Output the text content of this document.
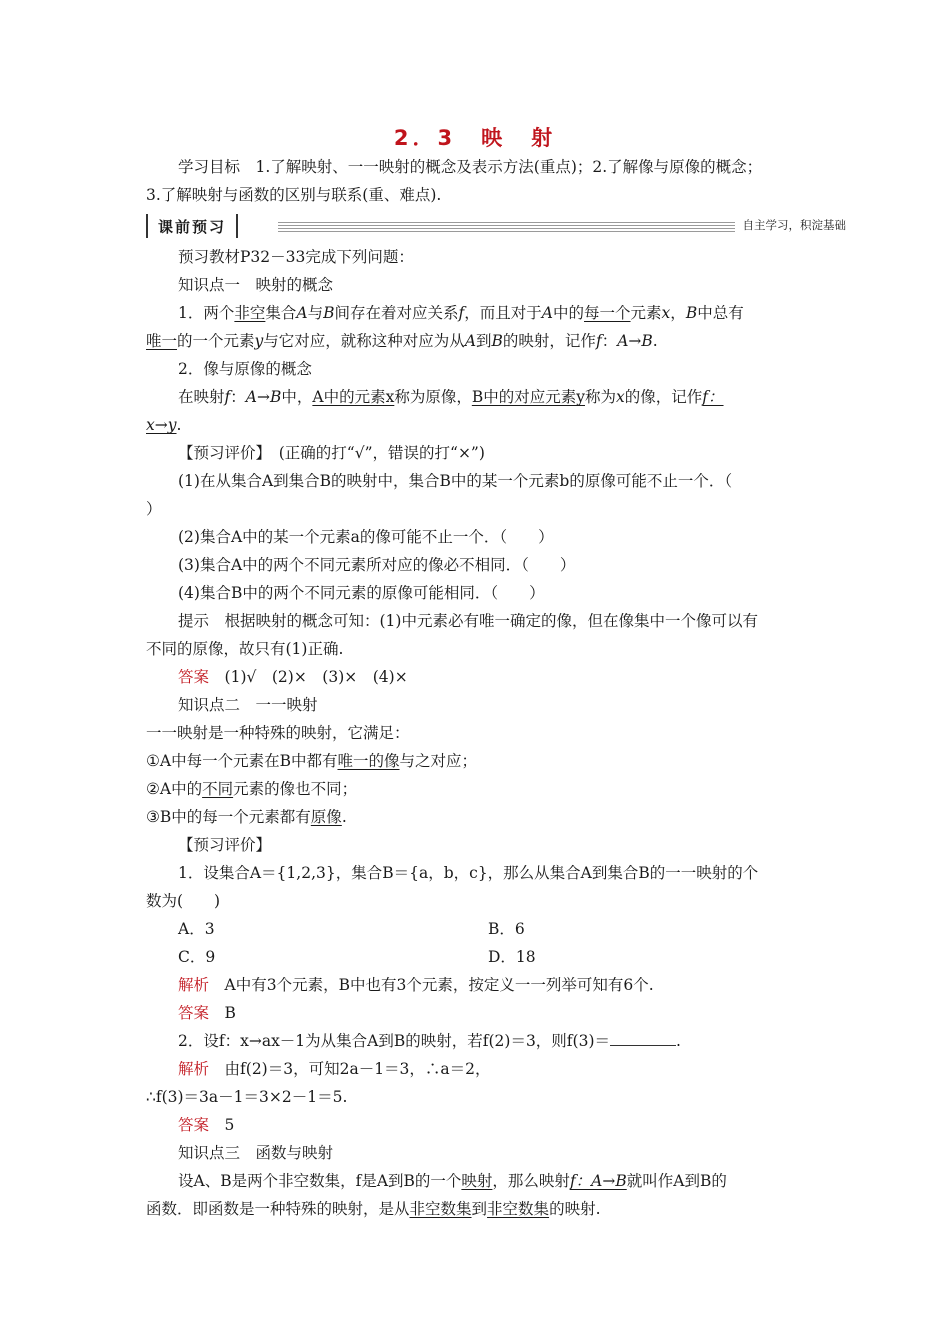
2．3　映　射
学习目标　1.了解映射、一一映射的概念及表示方法(重点)；2.了解像与原像的概念；
3.了解映射与函数的区别与联系(重、难点).
课前预习	自主学习，积淀基础
预习教材P32－33完成下列问题：
知识点一　映射的概念
1．两个非空集合A与B间存在着对应关系f，而且对于A中的每一个元素x，B中总有
唯一的一个元素y与它对应，就称这种对应为从A到B的映射，记作f：A→B.
2．像与原像的概念
在映射f：A→B中，A中的元素x称为原像，B中的对应元素y称为x的像，记作f：
x→y.
【预习评价】　(正确的打“√”，错误的打“×”)
(1)在从集合A到集合B的映射中，集合B中的某一个元素b的原像可能不止一个．（
）
(2)集合A中的某一个元素a的像可能不止一个．（　　）
(3)集合A中的两个不同元素所对应的像必不相同．（　　）
(4)集合B中的两个不同元素的原像可能相同．（　　）
提示　根据映射的概念可知：(1)中元素必有唯一确定的像，但在像集中一个像可以有
不同的原像，故只有(1)正确.
答案　 (1)√　(2)×　(3)×　(4)×
知识点二　一一映射
一一映射是一种特殊的映射，它满足：
①A中每一个元素在B中都有唯一的像与之对应；
②A中的不同元素的像也不同；
③B中的每一个元素都有原像.
【预习评价】
1．设集合A＝{1,2,3}，集合B＝{a，b，c}，那么从集合A到集合B的一一映射的个
数为(　　)
A．3	B．6
C．9	D．18
解析　 A中有3个元素，B中也有3个元素，按定义一一列举可知有6个.
答案　 B
2．设f：x→ax－1为从集合A到B的映射，若f(2)＝3，则f(3)＝	.
解析　 由f(2)＝3，可知2a－1＝3，∴a＝2，
∴f(3)＝3a－1＝3×2－1＝5.
答案　 5
知识点三　函数与映射
设A、B是两个非空数集，f是A到B的一个映射，那么映射f：A→B就叫作A到B的
函数．即函数是一种特殊的映射，是从非空数集到非空数集的映射.
